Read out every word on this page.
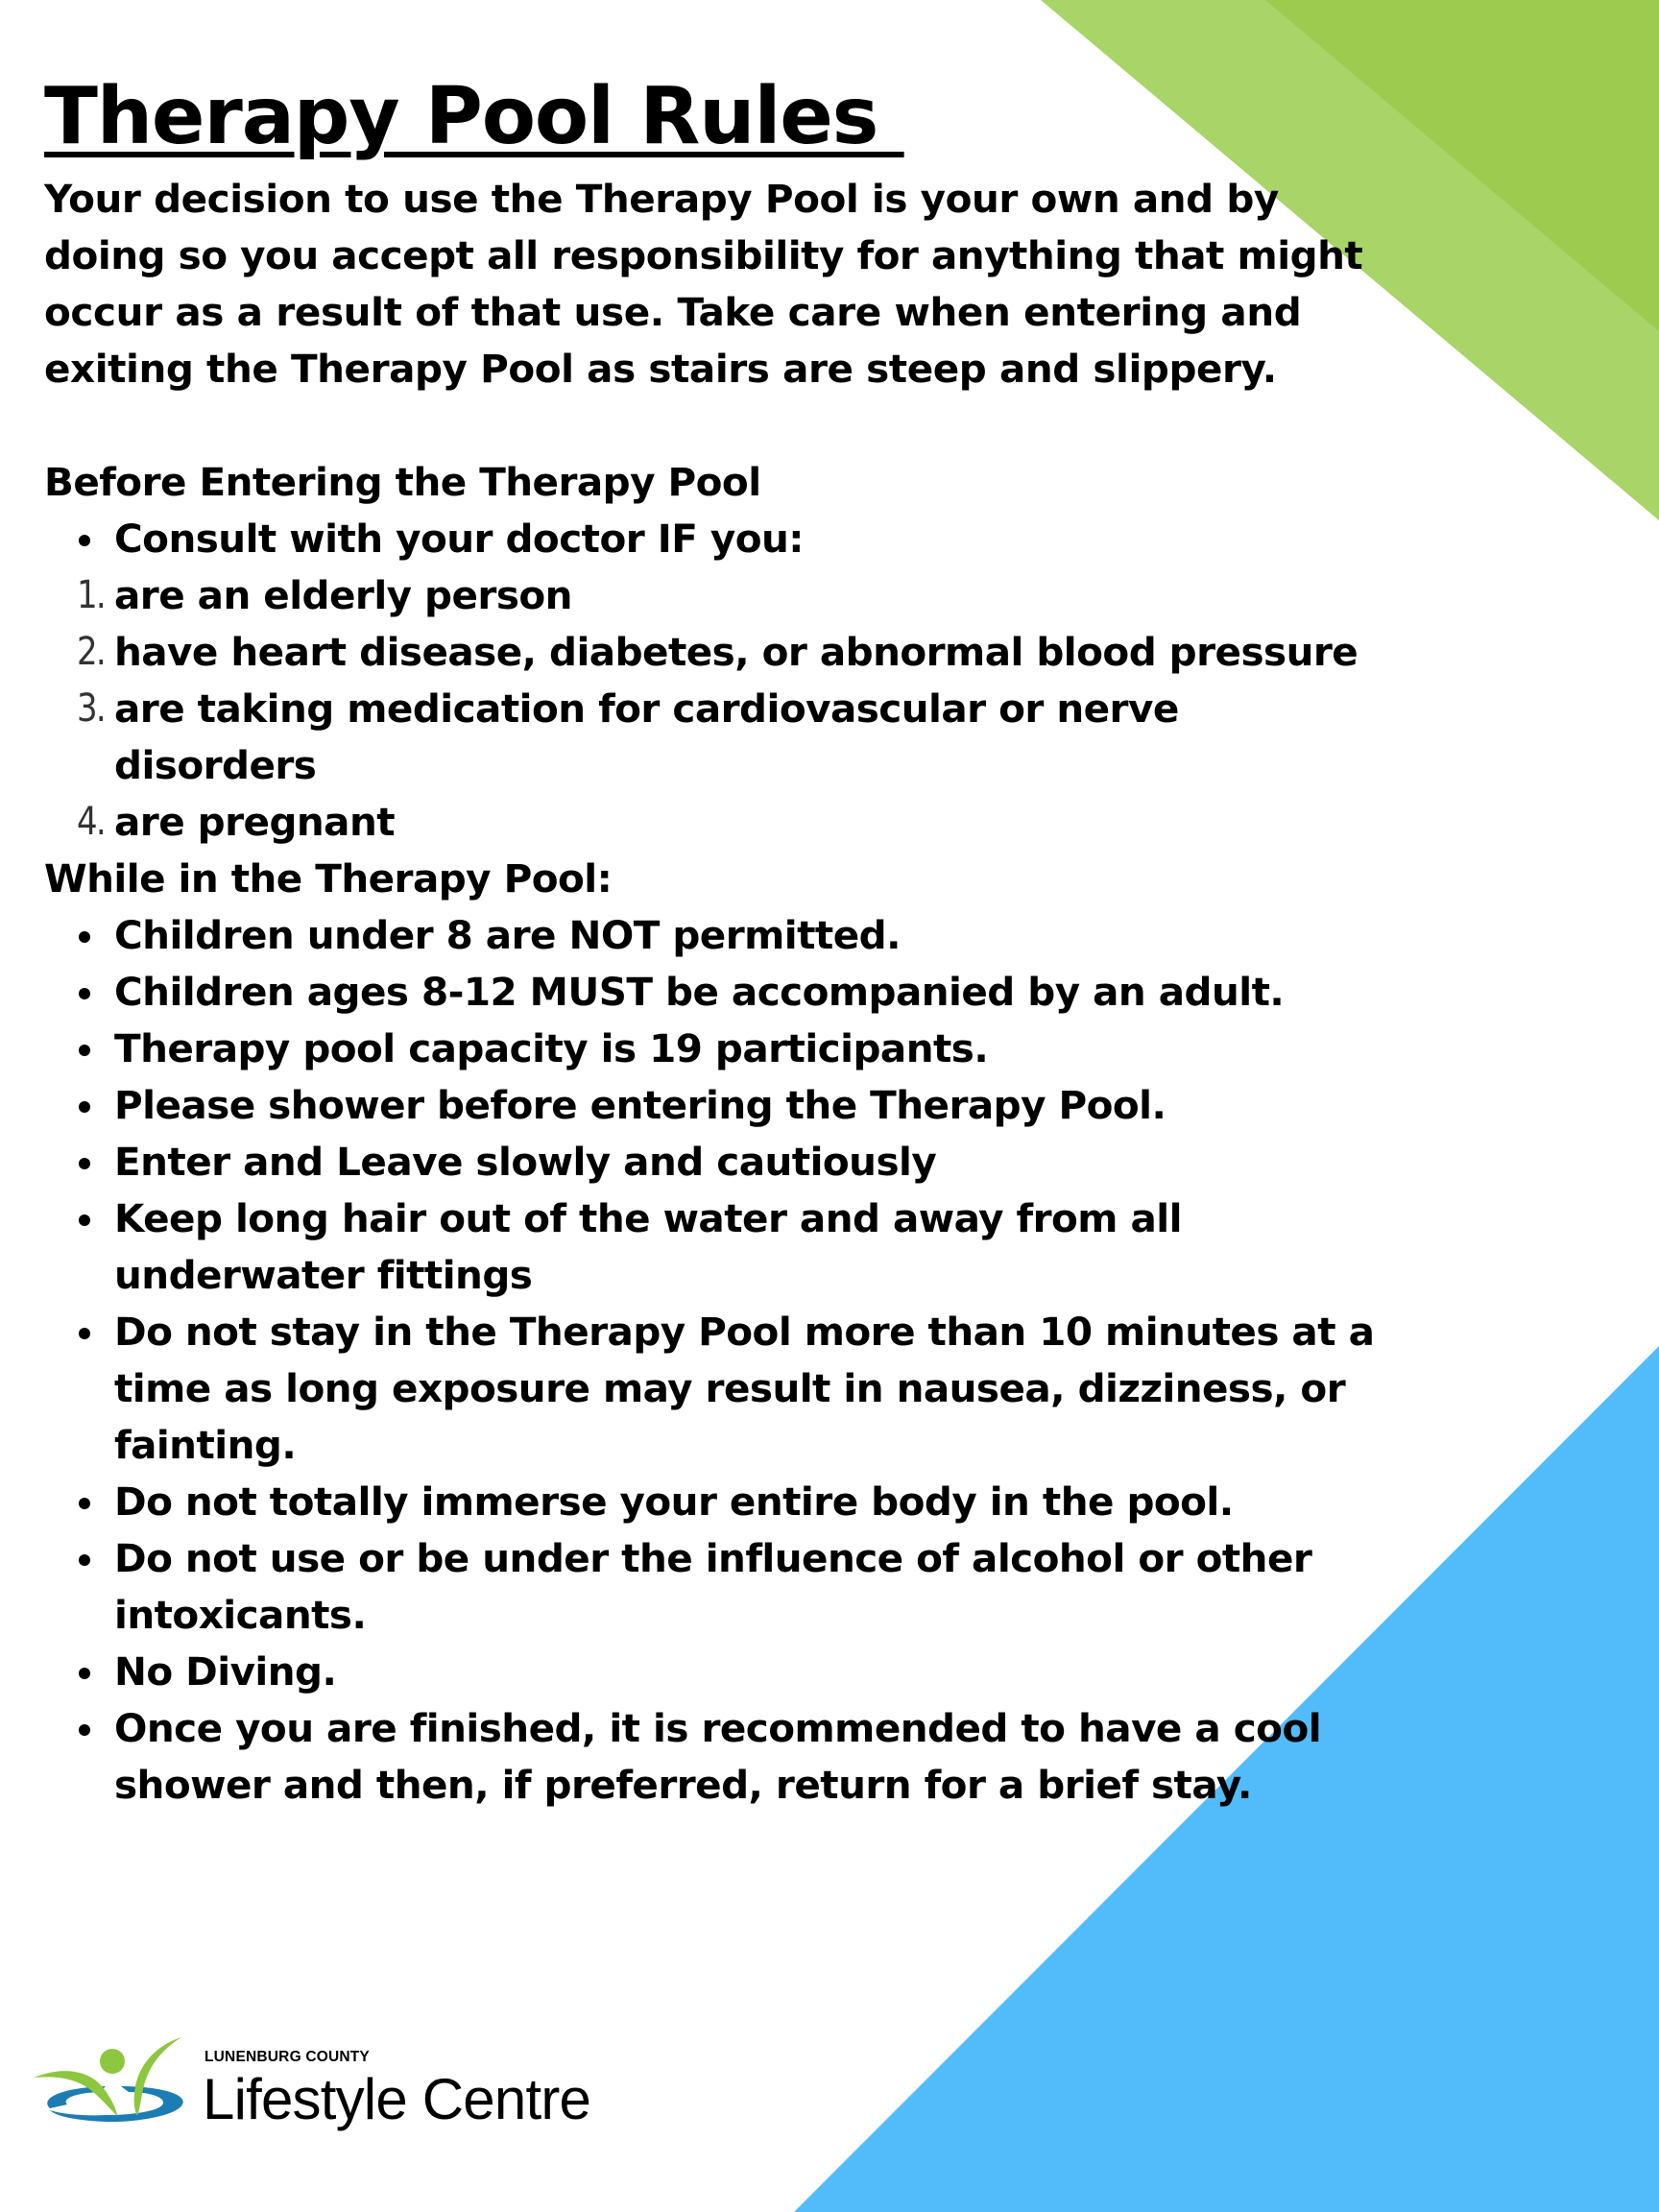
Therapy Pool Rules
Your decision to use the Therapy Pool is your own and by
doing so you accept all responsibility for anything that might
occur as a result of that use. Take care when entering and
exiting the Therapy Pool as stairs are steep and slippery.
Before Entering the Therapy Pool
Consult with your doctor IF you:
1. are an elderly person
2. have heart disease, diabetes, or abnormal blood pressure
3. are taking medication for cardiovascular or nerve
disorders
4. are pregnant
While in the Therapy Pool:
Children under 8 are NOT permitted.
Children ages 8-12 MUST be accompanied by an adult.
Therapy pool capacity is 19 participants.
Please shower before entering the Therapy Pool.
Enter and Leave slowly and cautiously
Keep long hair out of the water and away from all
underwater fittings
Do not stay in the Therapy Pool more than 10 minutes at a
time as long exposure may result in nausea, dizziness, or
fainting.
Do not totally immerse your entire body in the pool.
Do not use or be under the influence of alcohol or other
intoxicants.
No Diving.
Once you are finished, it is recommended to have a cool
shower and then, if preferred, return for a brief stay.
LUNENBURG COUNTY
Lifestyle Centre
